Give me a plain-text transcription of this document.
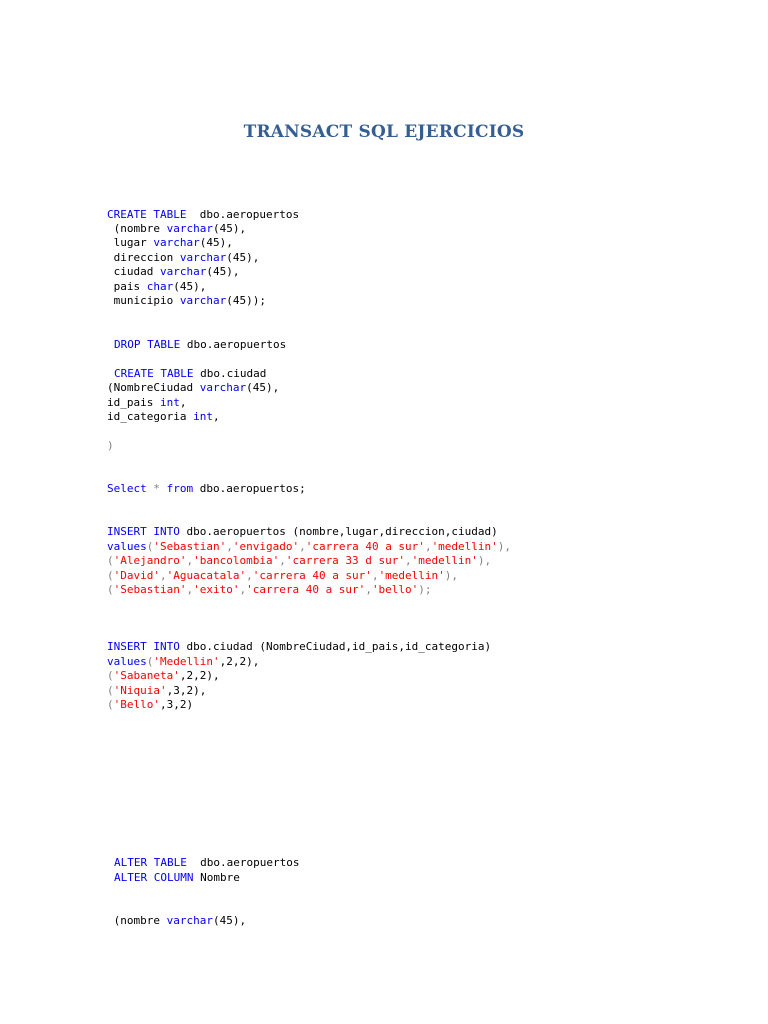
TRANSACT SQL EJERCICIOS
CREATE TABLE dbo.aeropuertos
(nombre varchar(45),
lugar varchar(45),
direccion varchar(45),
ciudad varchar(45),
pais char(45),
municipio varchar(45));
DROP TABLE dbo.aeropuertos
CREATE TABLE dbo.ciudad
(NombreCiudad varchar(45),
id_pais int,
id_categoria int,
)
Select * from dbo.aeropuertos;
INSERT INTO dbo.aeropuertos (nombre,lugar,direccion,ciudad)
values('Sebastian','envigado','carrera 40 a sur','medellin'),
('Alejandro','bancolombia','carrera 33 d sur','medellin'),
('David','Aguacatala','carrera 40 a sur','medellin'),
('Sebastian','exito','carrera 40 a sur','bello');
INSERT INTO dbo.ciudad (NombreCiudad,id_pais,id_categoria)
values('Medellin',2,2),
('Sabaneta',2,2),
('Niquia',3,2),
('Bello',3,2)
ALTER TABLE dbo.aeropuertos
ALTER COLUMN Nombre
(nombre varchar(45),
